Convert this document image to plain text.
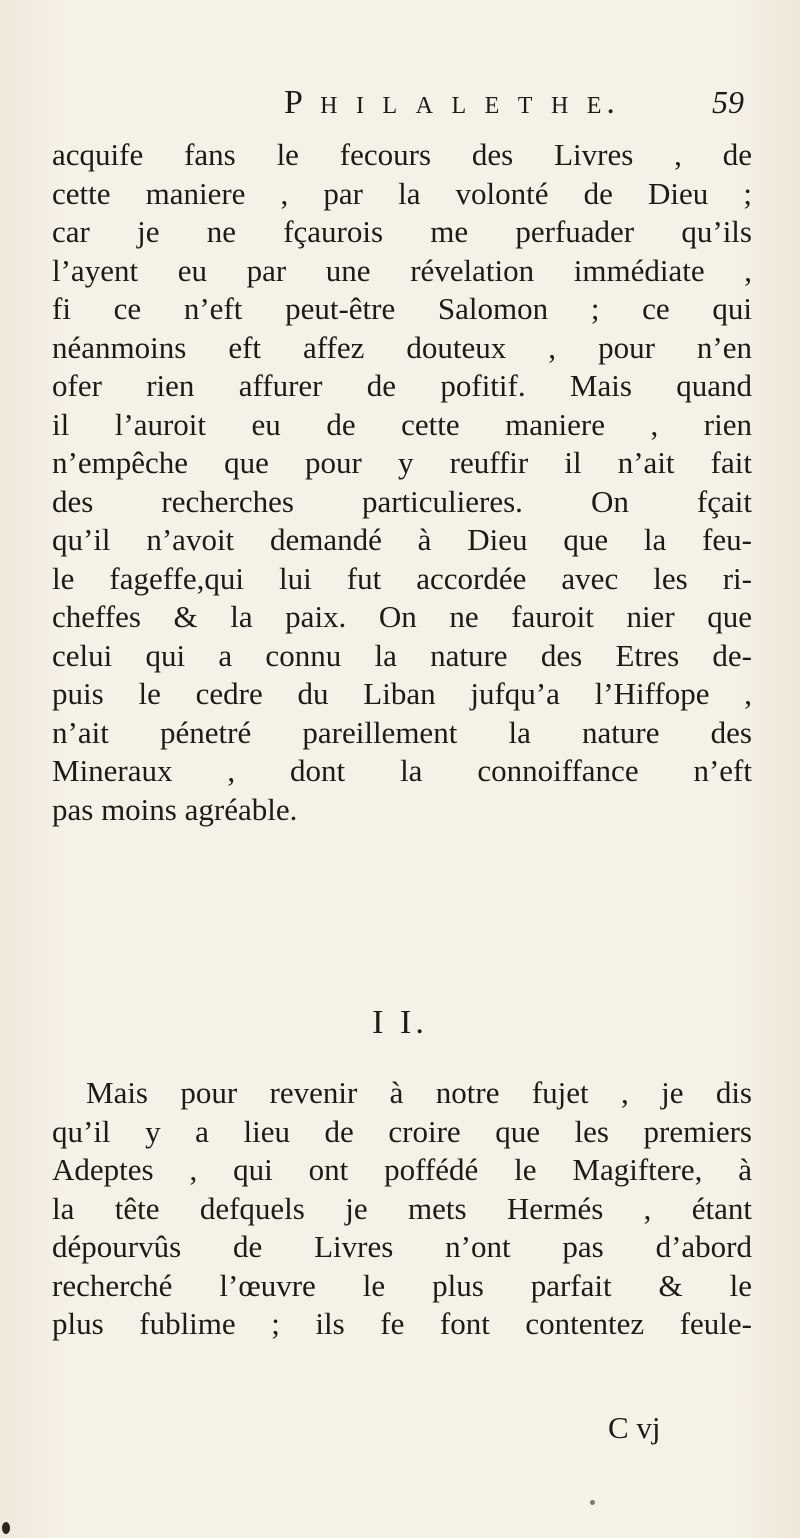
P h i l a l e t h e.	59
acquife fans le fecours des Livres , de
cette maniere , par la volonté de Dieu ;
car je ne fçaurois me perfuader qu’ils
l’ayent eu par une révelation immédiate ,
fi ce n’eft peut-être Salomon ; ce qui
néanmoins eft affez douteux , pour n’en
ofer rien affurer de pofitif. Mais quand
il l’auroit eu de cette maniere , rien
n’empêche que pour y reuffir il n’ait fait
des recherches particulieres. On fçait
qu’il n’avoit demandé à Dieu que la feu-
le fageffe,qui lui fut accordée avec les ri-
cheffes & la paix. On ne fauroit nier que
celui qui a connu la nature des Etres de-
puis le cedre du Liban jufqu’a l’Hiffope ,
n’ait pénetré pareillement la nature des
Mineraux , dont la connoiffance n’eft
pas moins agréable.
I I.
Mais pour revenir à notre fujet , je dis
qu’il y a lieu de croire que les premiers
Adeptes , qui ont poffédé le Magiftere, à
la tête defquels je mets Hermés , étant
dépourvûs de Livres n’ont pas d’abord
recherché l’œuvre le plus parfait & le
plus fublime ; ils fe font contentez feule-
C vj
